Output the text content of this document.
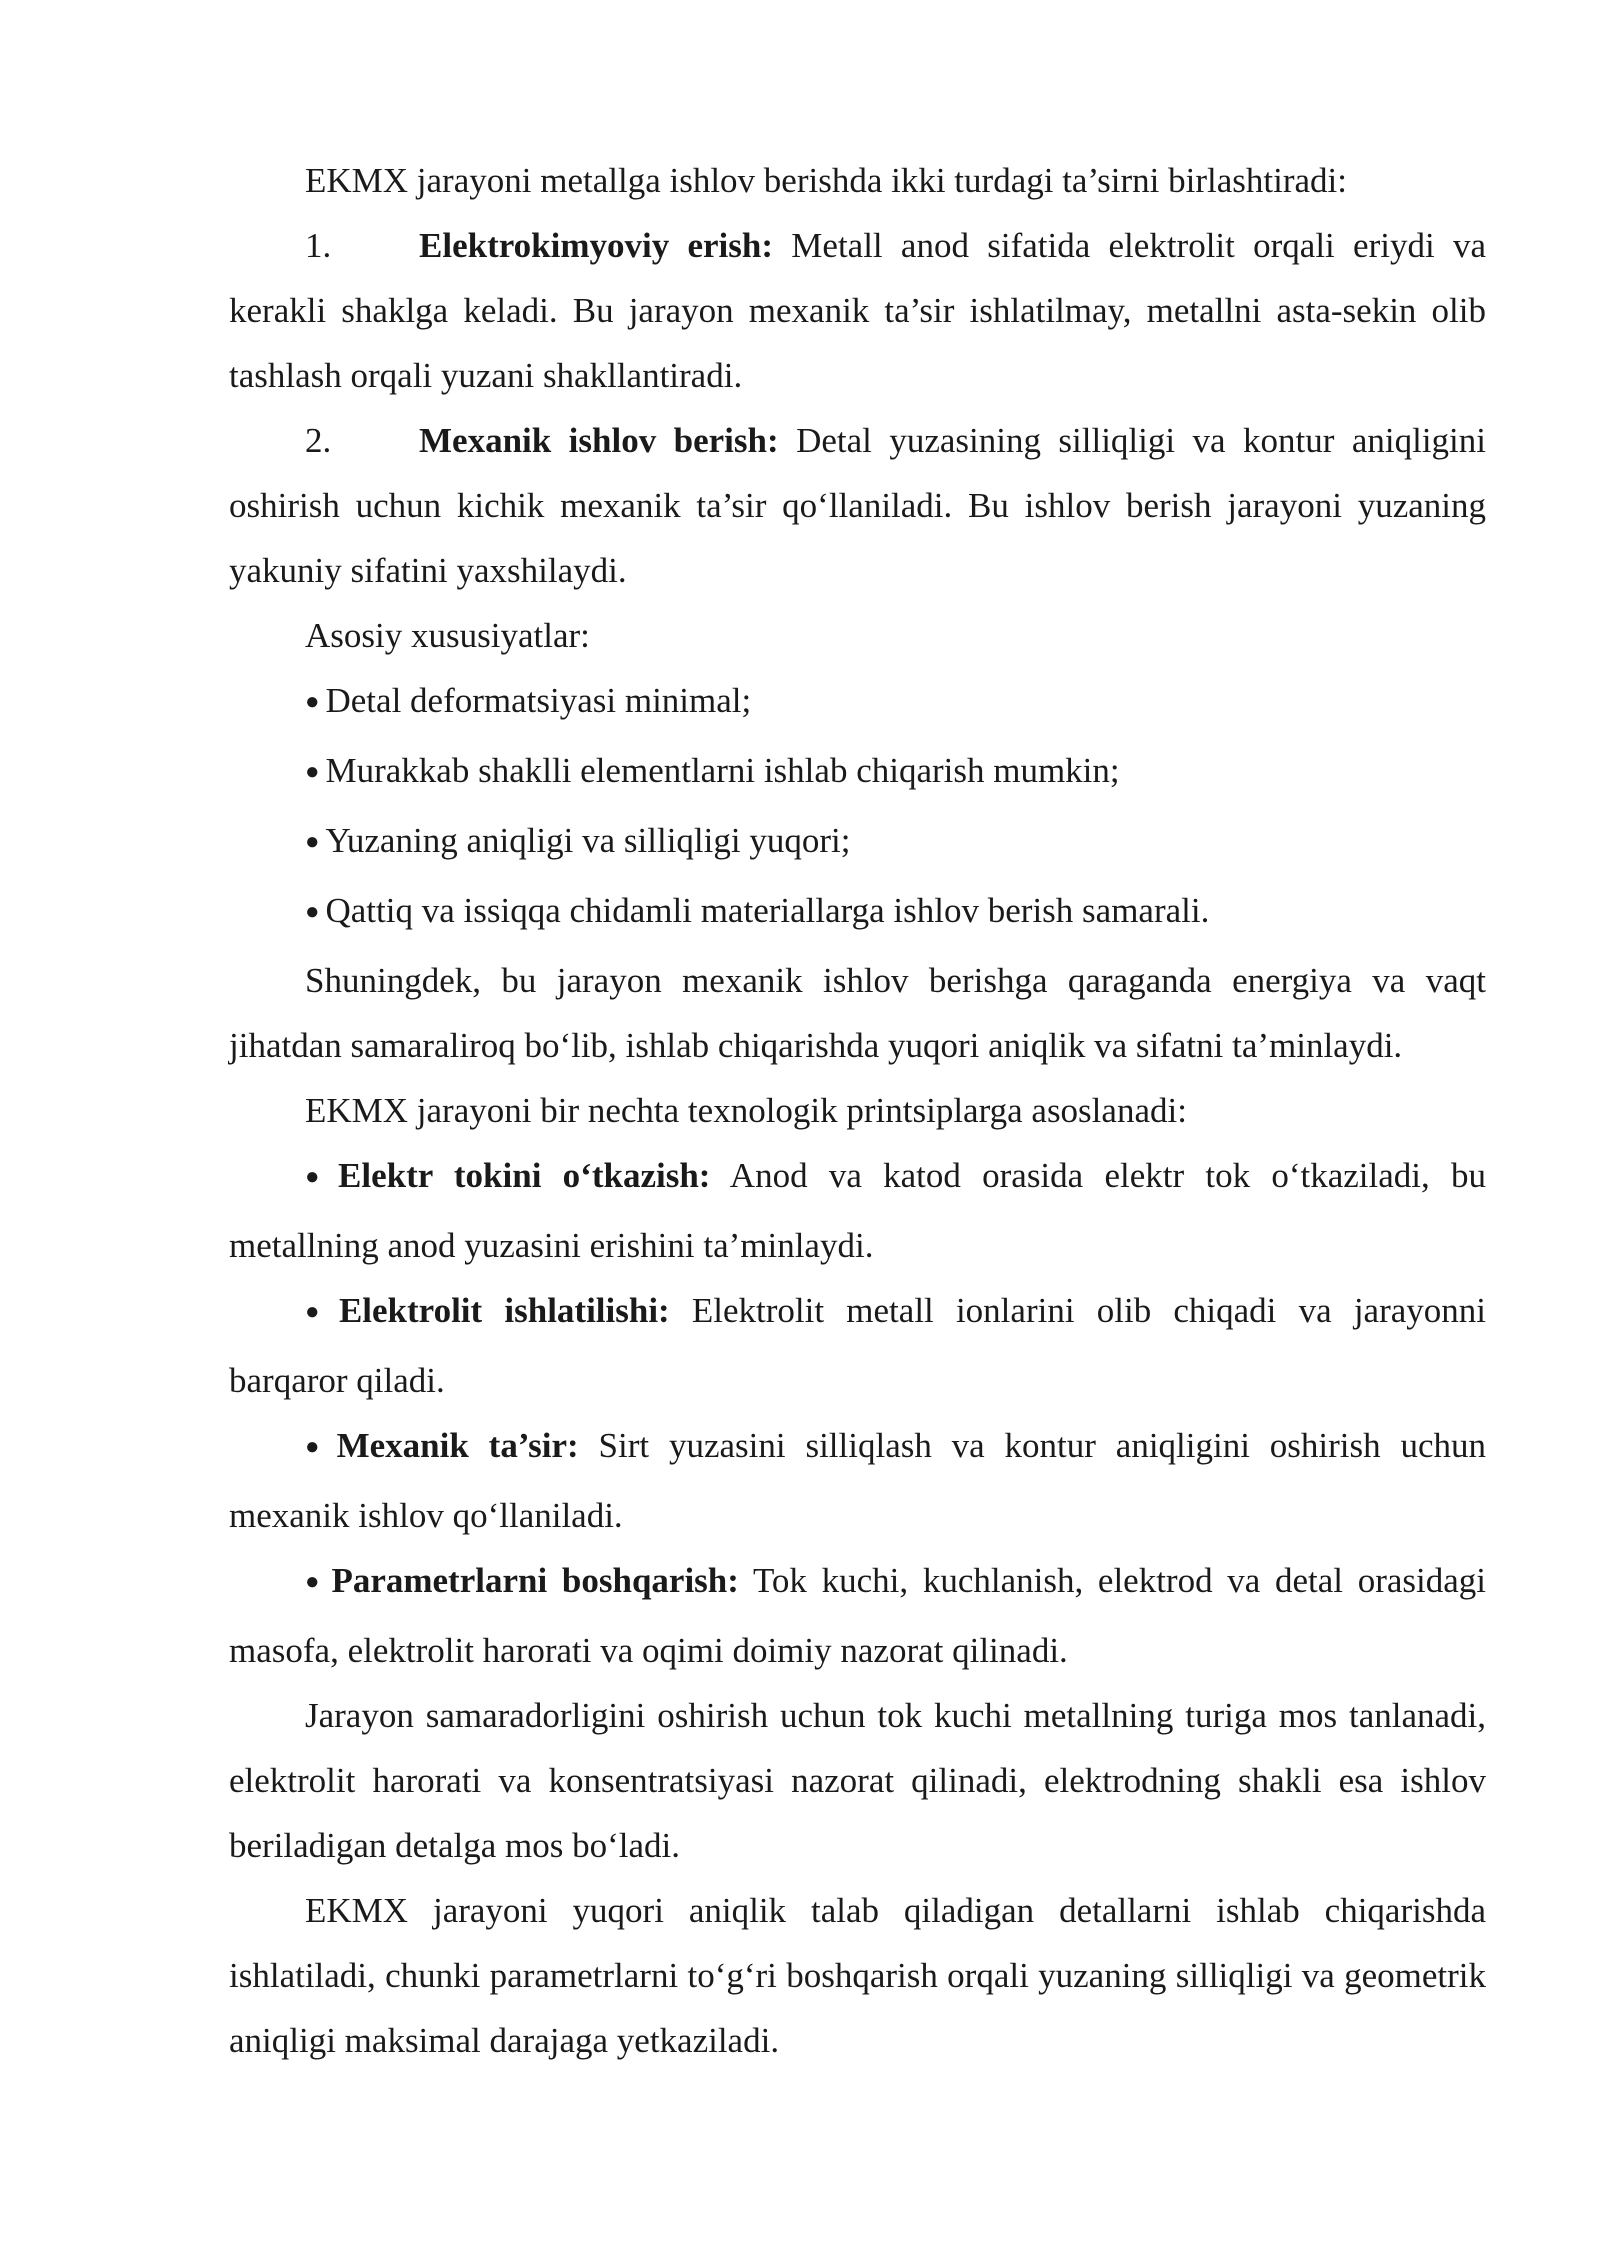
EKMX jarayoni metallga ishlov berishda ikki turdagi ta’sirni birlashtiradi:

1.	Elektrokimyoviy erish: Metall anod sifatida elektrolit orqali eriydi va kerakli shaklga keladi. Bu jarayon mexanik ta’sir ishlatilmay, metallni asta-sekin olib tashlash orqali yuzani shakllantiradi.

2.	Mexanik ishlov berish: Detal yuzasining silliqligi va kontur aniqligini oshirish uchun kichik mexanik ta’sir qo‘llaniladi. Bu ishlov berish jarayoni yuzaning yakuniy sifatini yaxshilaydi.

Asosiy xususiyatlar:

● Detal deformatsiyasi minimal;

● Murakkab shaklli elementlarni ishlab chiqarish mumkin;

● Yuzaning aniqligi va silliqligi yuqori;

● Qattiq va issiqqa chidamli materiallarga ishlov berish samarali.

Shuningdek, bu jarayon mexanik ishlov berishga qaraganda energiya va vaqt jihatdan samaraliroq bo‘lib, ishlab chiqarishda yuqori aniqlik va sifatni ta’minlaydi.

EKMX jarayoni bir nechta texnologik printsiplarga asoslanadi:

● Elektr tokini o‘tkazish: Anod va katod orasida elektr tok o‘tkaziladi, bu metallning anod yuzasini erishini ta’minlaydi.

● Elektrolit ishlatilishi: Elektrolit metall ionlarini olib chiqadi va jarayonni barqaror qiladi.

● Mexanik ta’sir: Sirt yuzasini silliqlash va kontur aniqligini oshirish uchun mexanik ishlov qo‘llaniladi.

● Parametrlarni boshqarish: Tok kuchi, kuchlanish, elektrod va detal orasidagi masofa, elektrolit harorati va oqimi doimiy nazorat qilinadi.

Jarayon samaradorligini oshirish uchun tok kuchi metallning turiga mos tanlanadi, elektrolit harorati va konsentratsiyasi nazorat qilinadi, elektrodning shakli esa ishlov beriladigan detalga mos bo‘ladi.

EKMX jarayoni yuqori aniqlik talab qiladigan detallarni ishlab chiqarishda ishlatiladi, chunki parametrlarni to‘g‘ri boshqarish orqali yuzaning silliqligi va geometrik aniqligi maksimal darajaga yetkaziladi.
